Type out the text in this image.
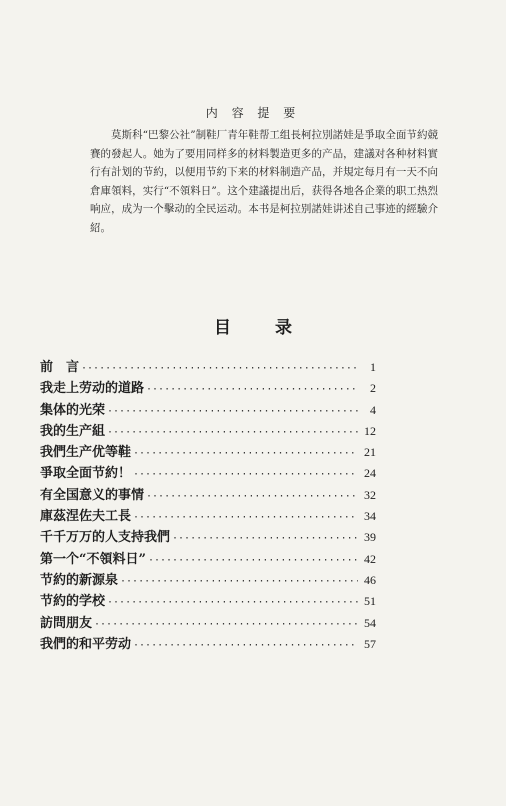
内 容 提 要
莫斯科“巴黎公社”制鞋厂青年鞋帮工组長柯拉別諾娃是爭取全面节約競賽的發起人。她为了要用同样多的材料製造更多的产品，建議对各种材料實行有計划的节約，以便用节約下来的材料制造产品，并規定每月有一天不向倉庫領料，实行“不領料日”。这个建議提出后，获得各地各企業的职工热烈响应，成为一个擊动的全民运动。本书是柯拉别諾娃讲述自己事迹的經驗介紹。
目	录
前　言 ·····	1
我走上劳动的道路 ·····	2
集体的光荣 ·····	4
我的生产組 ·····	12
我們生产优等鞋 ·····	21
爭取全面节約！ ·····	24
有全国意义的事情 ·····	32
庫茲涅佐夫工長 ·····	34
千千万万的人支持我們 ·····	39
第一个“不領料日” ·····	42
节約的新源泉 ·····	46
节約的学校 ·····	51
訪問朋友 ·····	54
我們的和平劳动 ·····	57
